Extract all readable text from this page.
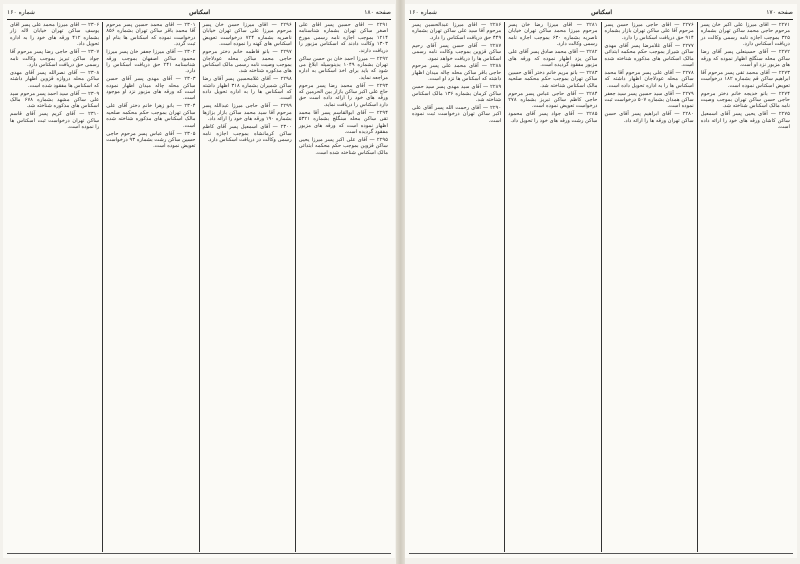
صفحه ۱۸۰
اسکناس
شماره ۱۶۰

۲۲۹۱ — آقای حسین پسر آقای علی اصغر ساکن تهران بشماره شناسنامه ۱۲۱۴ بموجب اجازه نامه رسمی مورخ ۱۳۰۳ وکالت دادند که اسکناس مزبور را دریافت دارند.

۲۲۹۲ — میرزا احمد خان بن حسن ساکن تهران بشماره ۱۰۴۹ بدینوسیله ابلاغ می شود که باید برای اخذ اسکناس به اداره مراجعه نماید.

۲۲۹۳ — آقای محمد رضا پسر مرحوم حاج علی اکبر ساکن بازار بین الحرمین که ورقه های خود را ارائه داده است حق دارد اسکناس را دریافت نماید.

۲۲۹۴ — آقای ابوالقاسم پسر آقا محمد تقی ساکن محله سنگلج بشماره ۵۳۲۱ اظهار نموده است که ورقه های مزبور مفقود گردیده است.

۲۲۹۵ — آقای علی اکبر پسر میرزا یحیی ساکن قزوین بموجب حکم محکمه ابتدائی مالک اسکناس شناخته شده است.

۲۲۹۶ — آقای میرزا حسن خان پسر مرحوم میرزا علی ساکن تهران خیابان ناصریه بشماره ۷۲۴ درخواست تعویض اسکناس های کهنه را نموده است.

۲۲۹۷ — بانو فاطمه خانم دختر مرحوم حاجی محمد ساکن محله عودلاجان بموجب وصیت نامه رسمی مالک اسکناس های مذکوره شناخته شد.

۲۲۹۸ — آقای غلامحسین پسر آقای رضا ساکن شمیران بشماره ۳۱۸ اظهار داشته که اسکناس ها را به اداره تحویل داده است.

۲۲۹۹ — آقای حاجی میرزا عبدالله پسر مرحوم آقا سید محمد ساکن بازار بزازها بشماره ۱۹۰ ورقه های خود را ارائه داد.

۲۳۰۰ — آقای اسمعیل پسر آقای کاظم ساکن کرمانشاه بموجب اجازه نامه رسمی وکالت در دریافت اسکناس دارد.

۲۳۰۱ — آقای محمد حسین پسر مرحوم آقا محمد باقر ساکن تهران بشماره ۸۵۶ درخواست نموده که اسکناس ها بنام او ثبت گردد.

۲۳۰۲ — آقای میرزا جعفر خان پسر میرزا محمود ساکن اصفهان بموجب ورقه شناسنامه ۲۴۱ حق دریافت اسکناس را دارد.

۲۳۰۳ — آقای مهدی پسر آقای حسن ساکن محله چاله میدان اظهار نموده است که ورقه های مزبور نزد او موجود است.

۲۳۰۴ — بانو زهرا خانم دختر آقای علی ساکن تهران بموجب حکم محکمه صلحیه مالک اسکناس های مذکوره شناخته شده است.

۲۳۰۵ — آقای عباس پسر مرحوم حاجی حسین ساکن رشت بشماره ۹۳ درخواست تعویض نموده است.

۲۳۰۶ — آقای میرزا محمد علی پسر آقای یوسف ساکن تهران خیابان لاله زار بشماره ۴۱۲ ورقه های خود را به اداره تحویل داد.

۲۳۰۷ — آقای حاجی رضا پسر مرحوم آقا جواد ساکن تبریز بموجب وکالت نامه رسمی حق دریافت اسکناس دارد.

۲۳۰۸ — آقای نصرالله پسر آقای مهدی ساکن محله دروازه قزوین اظهار داشته که اسکناس ها مفقود شده است.

۲۳۰۹ — آقای سید احمد پسر مرحوم سید علی ساکن مشهد بشماره ۶۷۸ مالک اسکناس های مذکوره شناخته شد.

۲۳۱۰ — آقای کریم پسر آقای قاسم ساکن تهران درخواست ثبت اسکناس ها را نموده است.

صفحه ۱۷۰
اسکناس
شماره ۱۶۰

۲۲۷۱ — آقای میرزا علی اکبر خان پسر مرحوم حاجی محمد ساکن تهران بشماره ۳۲۵ بموجب اجازه نامه رسمی وکالت در دریافت اسکناس دارد.

۲۲۷۲ — آقای حسینعلی پسر آقای رضا ساکن محله سنگلج اظهار نموده که ورقه های مزبور نزد او است.

۲۲۷۳ — آقای محمد تقی پسر مرحوم آقا ابراهیم ساکن قم بشماره ۱۸۲ درخواست تعویض اسکناس نموده است.

۲۲۷۴ — بانو خدیجه خانم دختر مرحوم حاجی حسن ساکن تهران بموجب وصیت نامه مالک اسکناس شناخته شد.

۲۲۷۵ — آقای یحیی پسر آقای اسمعیل ساکن کاشان ورقه های خود را ارائه داده است.

۲۲۷۶ — آقای حاجی میرزا حسن پسر مرحوم آقا علی ساکن تهران بازار بشماره ۹۱۴ حق دریافت اسکناس را دارد.

۲۲۷۷ — آقای غلامرضا پسر آقای مهدی ساکن شیراز بموجب حکم محکمه ابتدائی مالک اسکناس های مذکوره شناخته شده است.

۲۲۷۸ — آقای علی پسر مرحوم آقا محمد ساکن محله عودلاجان اظهار داشته که اسکناس ها را به اداره تحویل داده است.

۲۲۷۹ — آقای سید حسین پسر سید جعفر ساکن همدان بشماره ۵۰۷ درخواست ثبت نموده است.

۲۲۸۰ — آقای ابراهیم پسر آقای حسن ساکن تهران ورقه ها را ارائه داد.

۲۲۸۱ — آقای میرزا رضا خان پسر مرحوم میرزا محمد ساکن تهران خیابان ناصریه بشماره ۶۳۰ بموجب اجازه نامه رسمی وکالت دارد.

۲۲۸۲ — آقای محمد صادق پسر آقای علی ساکن یزد اظهار نموده که ورقه های مزبور مفقود گردیده است.

۲۲۸۳ — بانو مریم خانم دختر آقای حسین ساکن تهران بموجب حکم محکمه صلحیه مالک اسکناس شناخته شد.

۲۲۸۴ — آقای حاجی عباس پسر مرحوم حاجی کاظم ساکن تبریز بشماره ۲۷۸ درخواست تعویض نموده است.

۲۲۸۵ — آقای جواد پسر آقای محمود ساکن رشت ورقه های خود را تحویل داد.

۲۲۸۶ — آقای میرزا عبدالحسین پسر مرحوم آقا سید علی ساکن تهران بشماره ۴۴۹ حق دریافت اسکناس را دارد.

۲۲۸۷ — آقای حسن پسر آقای رحیم ساکن قزوین بموجب وکالت نامه رسمی اسکناس ها را دریافت خواهد نمود.

۲۲۸۸ — آقای محمد علی پسر مرحوم حاجی باقر ساکن محله چاله میدان اظهار داشته که اسکناس ها نزد او است.

۲۲۸۹ — آقای سید مهدی پسر سید حسن ساکن کرمان بشماره ۱۳۶ مالک اسکناس شناخته شد.

۲۲۹۰ — آقای رحمت الله پسر آقای علی اکبر ساکن تهران درخواست ثبت نموده است.
